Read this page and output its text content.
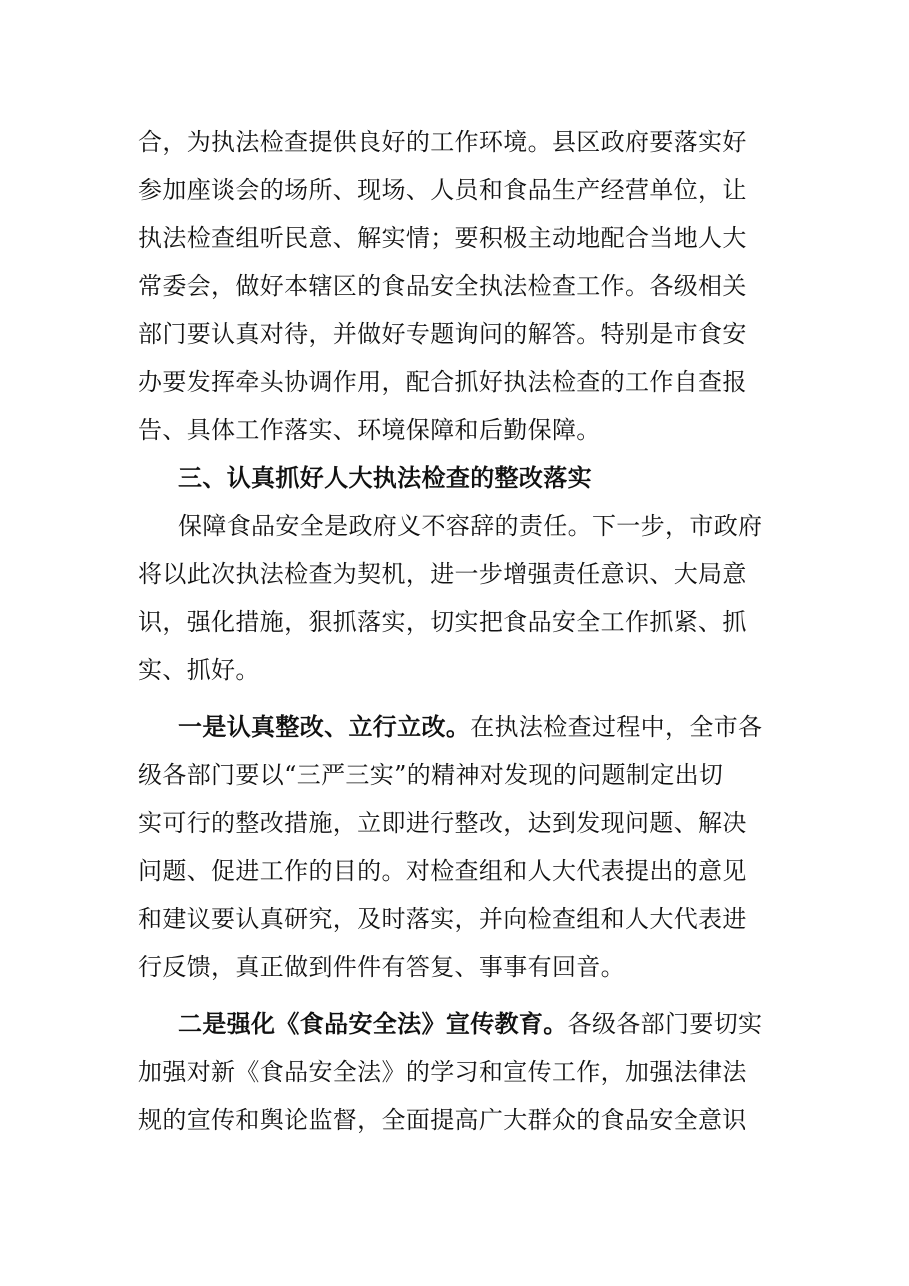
合，为执法检查提供良好的工作环境。县区政府要落实好
参加座谈会的场所、现场、人员和食品生产经营单位，让
执法检查组听民意、解实情；要积极主动地配合当地人大
常委会，做好本辖区的食品安全执法检查工作。各级相关
部门要认真对待，并做好专题询问的解答。特别是市食安
办要发挥牵头协调作用，配合抓好执法检查的工作自查报
告、具体工作落实、环境保障和后勤保障。
三、认真抓好人大执法检查的整改落实
保障食品安全是政府义不容辞的责任。下一步，市政府
将以此次执法检查为契机，进一步增强责任意识、大局意
识，强化措施，狠抓落实，切实把食品安全工作抓紧、抓
实、抓好。
一是认真整改、立行立改。在执法检查过程中，全市各
级各部门要以“三严三实”的精神对发现的问题制定出切
实可行的整改措施，立即进行整改，达到发现问题、解决
问题、促进工作的目的。对检查组和人大代表提出的意见
和建议要认真研究，及时落实，并向检查组和人大代表进
行反馈，真正做到件件有答复、事事有回音。
二是强化《食品安全法》宣传教育。各级各部门要切实
加强对新《食品安全法》的学习和宣传工作，加强法律法
规的宣传和舆论监督，全面提高广大群众的食品安全意识
